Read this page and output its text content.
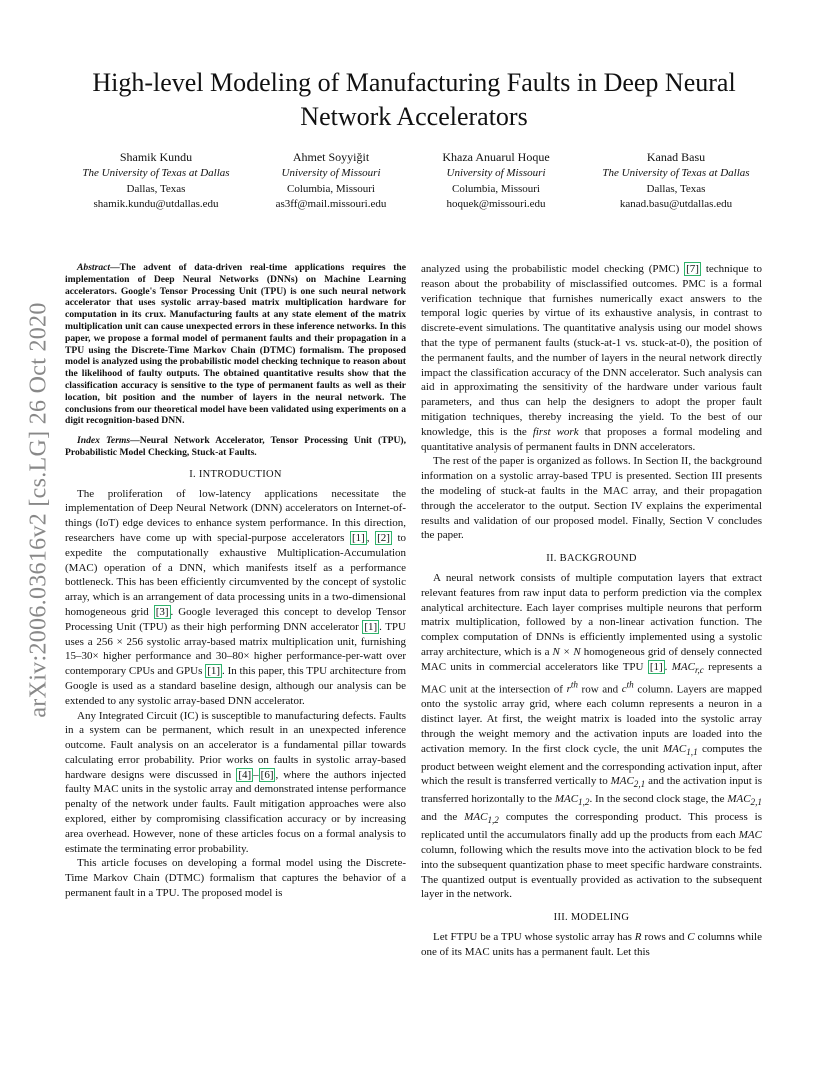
arXiv:2006.03616v2 [cs.LG] 26 Oct 2020
High-level Modeling of Manufacturing Faults in Deep Neural Network Accelerators
Shamik Kundu
The University of Texas at Dallas
Dallas, Texas
shamik.kundu@utdallas.edu
Ahmet Soyyiğit
University of Missouri
Columbia, Missouri
as3ff@mail.missouri.edu
Khaza Anuarul Hoque
University of Missouri
Columbia, Missouri
hoquek@missouri.edu
Kanad Basu
The University of Texas at Dallas
Dallas, Texas
kanad.basu@utdallas.edu

Abstract—The advent of data-driven real-time applications requires the implementation of Deep Neural Networks (DNNs) on Machine Learning accelerators. Google's Tensor Processing Unit (TPU) is one such neural network accelerator that uses systolic array-based matrix multiplication hardware for computation in its crux. Manufacturing faults at any state element of the matrix multiplication unit can cause unexpected errors in these inference networks. In this paper, we propose a formal model of permanent faults and their propagation in a TPU using the Discrete-Time Markov Chain (DTMC) formalism. The proposed model is analyzed using the probabilistic model checking technique to reason about the likelihood of faulty outputs. The obtained quantitative results show that the classification accuracy is sensitive to the type of permanent faults as well as their location, bit position and the number of layers in the neural network. The conclusions from our theoretical model have been validated using experiments on a digit recognition-based DNN.

Index Terms—Neural Network Accelerator, Tensor Processing Unit (TPU), Probabilistic Model Checking, Stuck-at Faults.

I. INTRODUCTION

The proliferation of low-latency applications necessitate the implementation of Deep Neural Network (DNN) accelerators on Internet-of-things (IoT) edge devices to enhance system performance. In this direction, researchers have come up with special-purpose accelerators [1] , [2] to expedite the computationally exhaustive Multiplication-Accumulation (MAC) operation of a DNN, which manifests itself as a performance bottleneck. This has been efficiently circumvented by the concept of systolic array, which is an arrangement of data processing units in a two-dimensional homogeneous grid [3] . Google leveraged this concept to develop Tensor Processing Unit (TPU) as their high performing DNN accelerator [1] . TPU uses a 256 × 256 systolic array-based matrix multiplication unit, furnishing 15–30× higher performance and 30–80× higher performance-per-watt over contemporary CPUs and GPUs [1] . In this paper, this TPU architecture from Google is used as a standard baseline design, although our analysis can be extended to any systolic array-based DNN accelerator.

Any Integrated Circuit (IC) is susceptible to manufacturing defects. Faults in a system can be permanent, which result in an unexpected inference outcome. Fault analysis on an accelerator is a fundamental pillar towards calculating error probability. Prior works on faults in systolic array-based hardware designs were discussed in [4] – [6] , where the authors injected faulty MAC units in the systolic array and demonstrated intense performance penalty of the network under faults. Fault mitigation approaches were also explored, either by compromising classification accuracy or by increasing area overhead. However, none of these articles focus on a formal analysis to estimate the terminating error probability.

This article focuses on developing a formal model using the Discrete-Time Markov Chain (DTMC) formalism that captures the behavior of a permanent fault in a TPU. The proposed model is

analyzed using the probabilistic model checking (PMC) [7] technique to reason about the probability of misclassified outcomes. PMC is a formal verification technique that furnishes numerically exact answers to the temporal logic queries by virtue of its exhaustive analysis, in contrast to discrete-event simulations. The quantitative analysis using our model shows that the type of permanent faults (stuck-at-1 vs. stuck-at-0), the position of the permanent faults, and the number of layers in the neural network directly impact the classification accuracy of the DNN accelerator. Such analysis can aid in approximating the sensitivity of the hardware under various fault parameters, and thus can help the designers to adopt the proper fault mitigation techniques, thereby increasing the yield. To the best of our knowledge, this is the first work that proposes a formal modeling and quantitative analysis of permanent faults in DNN accelerators.

The rest of the paper is organized as follows. In Section II, the background information on a systolic array-based TPU is presented. Section III presents the modeling of stuck-at faults in the MAC array, and their propagation through the accelerator to the output. Section IV explains the experimental results and validation of our proposed model. Finally, Section V concludes the paper.

II. BACKGROUND

A neural network consists of multiple computation layers that extract relevant features from raw input data to perform prediction via the complex analytical architecture. Each layer comprises multiple neurons that perform matrix multiplication, followed by a non-linear activation function. The complex computation of DNNs is efficiently implemented using a systolic array architecture, which is a N × N homogeneous grid of densely connected MAC units in commercial accelerators like TPU [1] . $MAC_{r,c}$ represents a MAC unit at the intersection of $r^{th}$ row and $c^{th}$ column. Layers are mapped onto the systolic array grid, where each column represents a neuron in a distinct layer. At first, the weight matrix is loaded into the systolic array through the weight memory and the activation inputs are loaded into the activation memory. In the first clock cycle, the unit $MAC_{1,1}$ computes the product between weight element and the corresponding activation input, after which the result is transferred vertically to $MAC_{2,1}$ and the activation input is transferred horizontally to the $MAC_{1,2}$. In the second clock stage, the $MAC_{2,1}$ and the $MAC_{1,2}$ computes the corresponding product. This process is replicated until the accumulators finally add up the products from each MAC column, following which the results move into the activation block to be fed into the subsequent quantization phase to meet specific hardware constraints. The quantized output is eventually provided as activation to the subsequent layer in the network.

III. MODELING

Let FTPU be a TPU whose systolic array has R rows and C columns while one of its MAC units has a permanent fault. Let this
